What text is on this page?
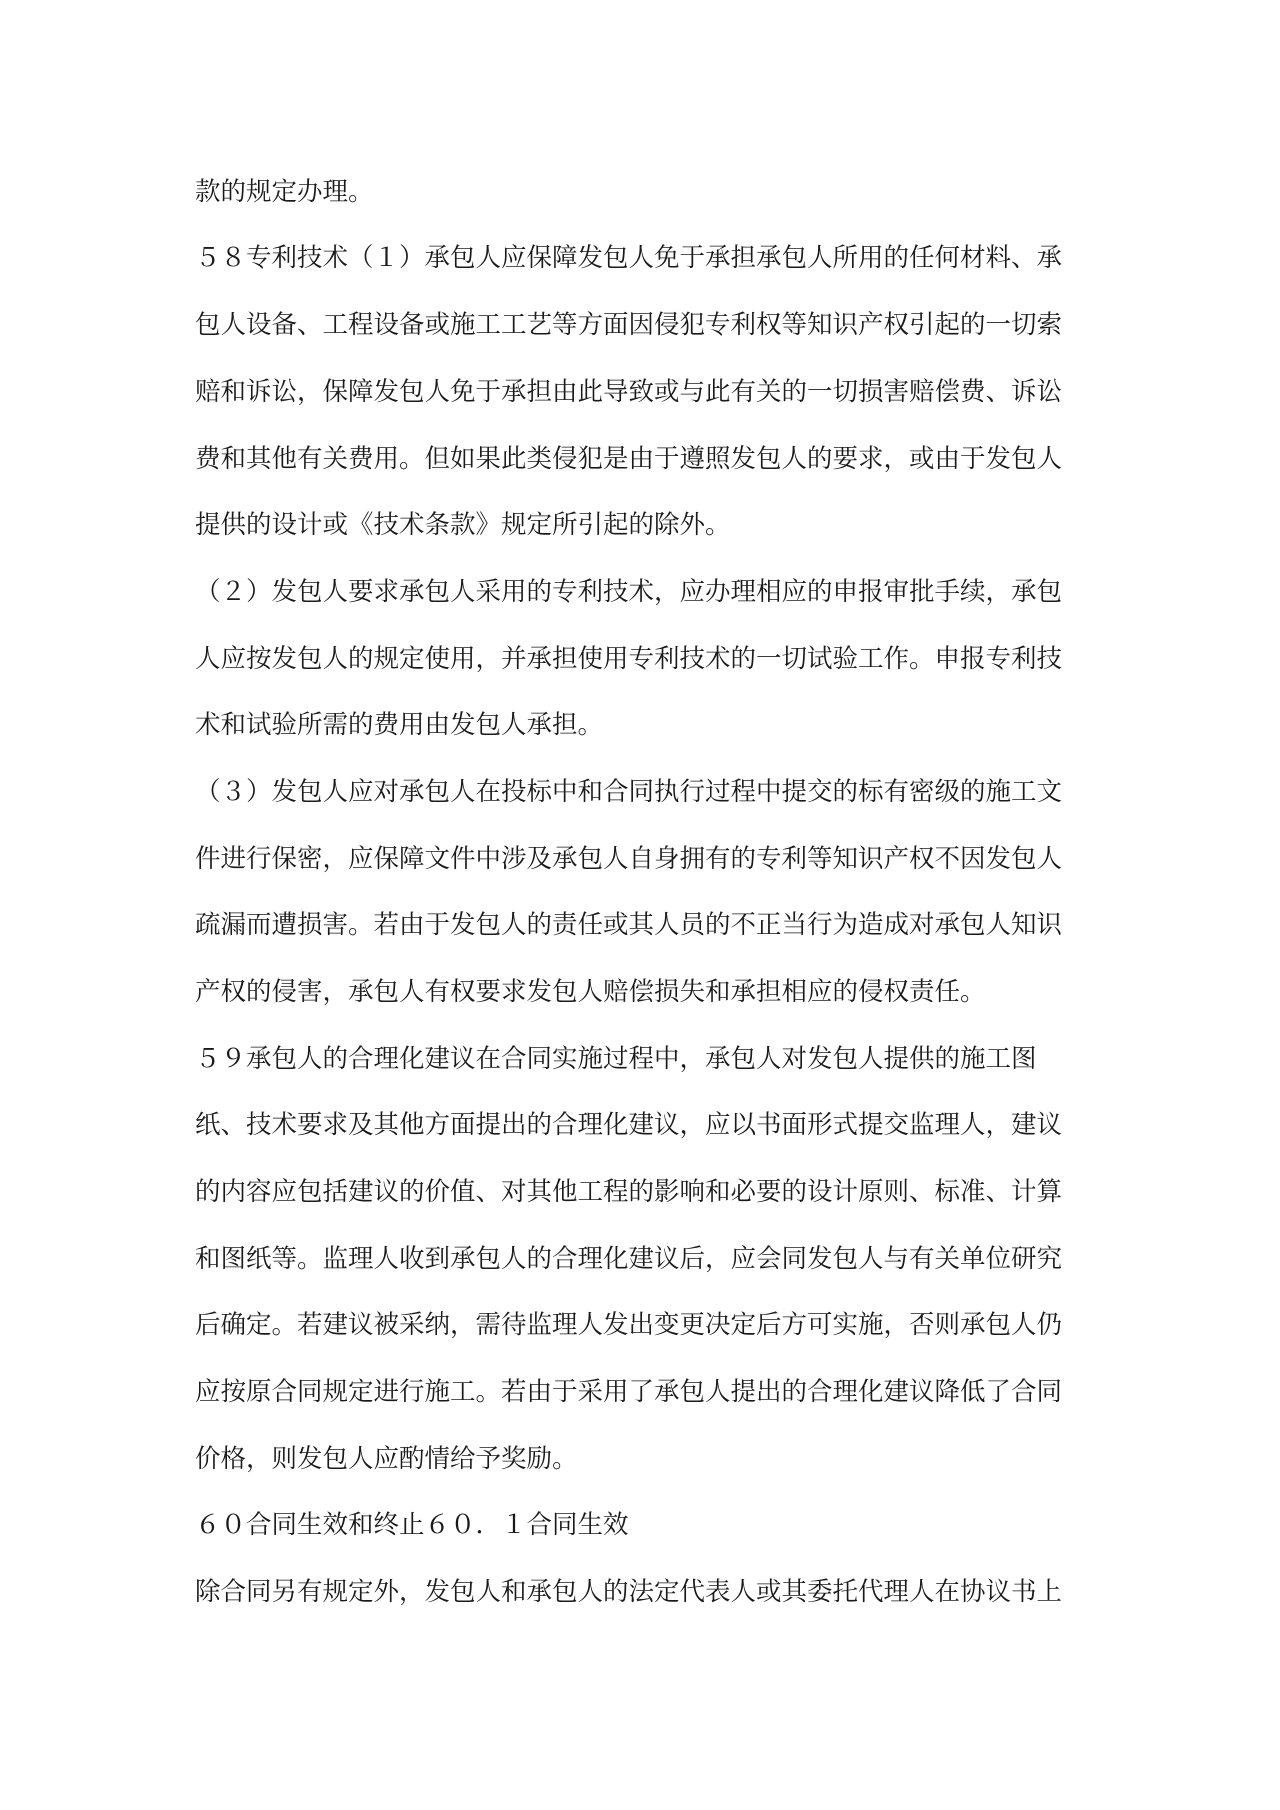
款的规定办理。
５８专利技术（１）承包人应保障发包人免于承担承包人所用的任何材料、承
包人设备、工程设备或施工工艺等方面因侵犯专利权等知识产权引起的一切索
赔和诉讼，保障发包人免于承担由此导致或与此有关的一切损害赔偿费、诉讼
费和其他有关费用。但如果此类侵犯是由于遵照发包人的要求，或由于发包人
提供的设计或《技术条款》规定所引起的除外。
（２）发包人要求承包人采用的专利技术，应办理相应的申报审批手续，承包
人应按发包人的规定使用，并承担使用专利技术的一切试验工作。申报专利技
术和试验所需的费用由发包人承担。
（３）发包人应对承包人在投标中和合同执行过程中提交的标有密级的施工文
件进行保密，应保障文件中涉及承包人自身拥有的专利等知识产权不因发包人
疏漏而遭损害。若由于发包人的责任或其人员的不正当行为造成对承包人知识
产权的侵害，承包人有权要求发包人赔偿损失和承担相应的侵权责任。
５９承包人的合理化建议在合同实施过程中，承包人对发包人提供的施工图
纸、技术要求及其他方面提出的合理化建议，应以书面形式提交监理人，建议
的内容应包括建议的价值、对其他工程的影响和必要的设计原则、标准、计算
和图纸等。监理人收到承包人的合理化建议后，应会同发包人与有关单位研究
后确定。若建议被采纳，需待监理人发出变更决定后方可实施，否则承包人仍
应按原合同规定进行施工。若由于采用了承包人提出的合理化建议降低了合同
价格，则发包人应酌情给予奖励。
６０合同生效和终止６０．１合同生效
除合同另有规定外，发包人和承包人的法定代表人或其委托代理人在协议书上
